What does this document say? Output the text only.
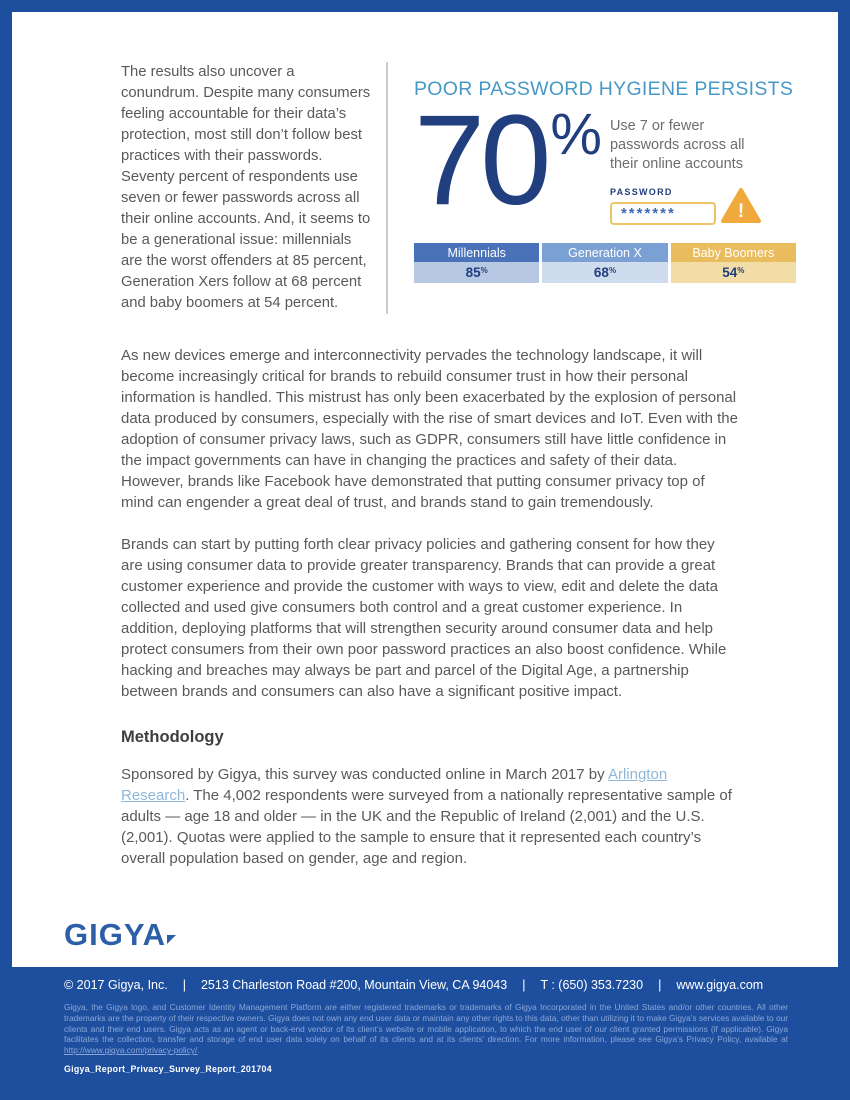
The results also uncover a conundrum. Despite many consumers feeling accountable for their data’s protection, most still don’t follow best practices with their passwords. Seventy percent of respondents use seven or fewer passwords across all their online accounts. And, it seems to be a generational issue: millennials are the worst offenders at 85 percent, Generation Xers follow at 68 percent and baby boomers at 54 percent.
POOR PASSWORD HYGIENE PERSISTS
70% Use 7 or fewer passwords across all their online accounts
PASSWORD
*******	!
Millennials
85 %
Generation X
68 %
Baby Boomers
54 %

As new devices emerge and interconnectivity pervades the technology landscape, it will become increasingly critical for brands to rebuild consumer trust in how their personal information is handled. This mistrust has only been exacerbated by the explosion of personal data produced by consumers, especially with the rise of smart devices and IoT. Even with the adoption of consumer privacy laws, such as GDPR, consumers still have little confidence in the impact governments can have in changing the practices and safety of their data. However, brands like Facebook have demonstrated that putting consumer privacy top of mind can engender a great deal of trust, and brands stand to gain tremendously.

Brands can start by putting forth clear privacy policies and gathering consent for how they are using consumer data to provide greater transparency. Brands that can provide a great customer experience and provide the customer with ways to view, edit and delete the data collected and used give consumers both control and a great customer experience. In addition, deploying platforms that will strengthen security around consumer data and help protect consumers from their own poor password practices an also boost confidence. While hacking and breaches may always be part and parcel of the Digital Age, a partnership between brands and consumers can also have a significant positive impact.

Methodology

Sponsored by Gigya, this survey was conducted online in March 2017 by Arlington Research. The 4,002 respondents were surveyed from a nationally representative sample of adults — age 18 and older — in the UK and the Republic of Ireland (2,001) and the U.S. (2,001). Quotas were applied to the sample to ensure that it represented each country’s overall population based on gender, age and region.

GIGYA
© 2017 Gigya, Inc. | 2513 Charleston Road #200, Mountain View, CA 94043 | T : (650) 353.7230 | www.gigya.com
Gigya, the Gigya logo, and Customer Identity Management Platform are either registered trademarks or trademarks of Gigya Incorporated in the United States and/or other countries. All other trademarks are the property of their respective owners. Gigya does not own any end user data or maintain any other rights to this data, other than utilizing it to make Gigya’s services available to our clients and their end users. Gigya acts as an agent or back-end vendor of its client’s website or mobile application, to which the end user of our client granted permissions (if applicable). Gigya facilitates the collection, transfer and storage of end user data solely on behalf of its clients and at its clients’ direction. For more information, please see Gigya’s Privacy Policy, available at http://www.gigya.com/privacy-policy/.
Gigya_Report_Privacy_Survey_Report_201704
